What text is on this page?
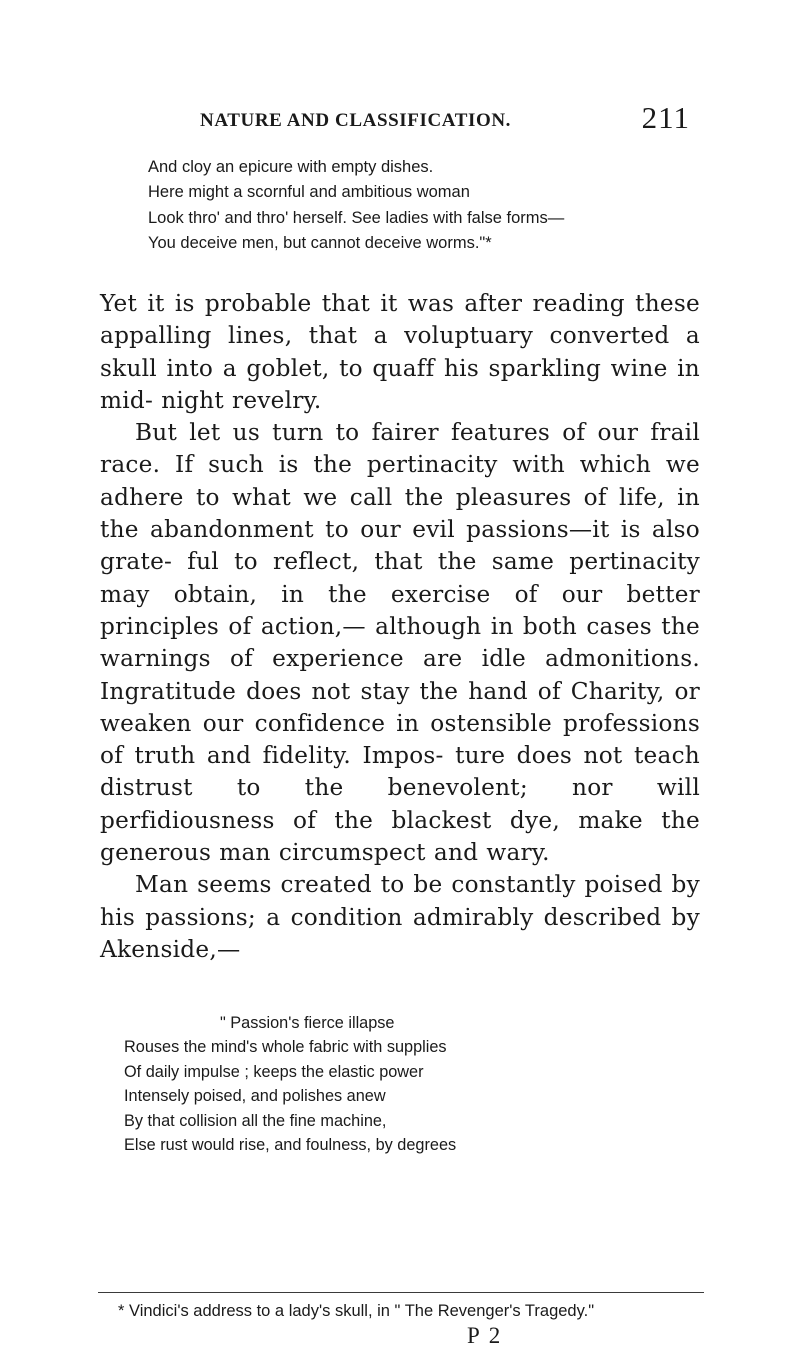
NATURE AND CLASSIFICATION.	211
And cloy an epicure with empty dishes.
Here might a scornful and ambitious woman
Look thro' and thro' herself. See ladies with false forms—
You deceive men, but cannot deceive worms."*

Yet it is probable that it was after reading these appalling lines, that a voluptuary converted a skull into a goblet, to quaff his sparkling wine in mid- night revelry.

But let us turn to fairer features of our frail race. If such is the pertinacity with which we adhere to what we call the pleasures of life, in the abandonment to our evil passions—it is also grate- ful to reflect, that the same pertinacity may obtain, in the exercise of our better principles of action,— although in both cases the warnings of experience are idle admonitions. Ingratitude does not stay the hand of Charity, or weaken our confidence in ostensible professions of truth and fidelity. Impos- ture does not teach distrust to the benevolent; nor will perfidiousness of the blackest dye, make the generous man circumspect and wary.

Man seems created to be constantly poised by his passions; a condition admirably described by Akenside,—

" Passion's fierce illapse
Rouses the mind's whole fabric with supplies
Of daily impulse ; keeps the elastic power
Intensely poised, and polishes anew
By that collision all the fine machine,
Else rust would rise, and foulness, by degrees
* Vindici's address to a lady's skull, in " The Revenger's Tragedy."
P 2
